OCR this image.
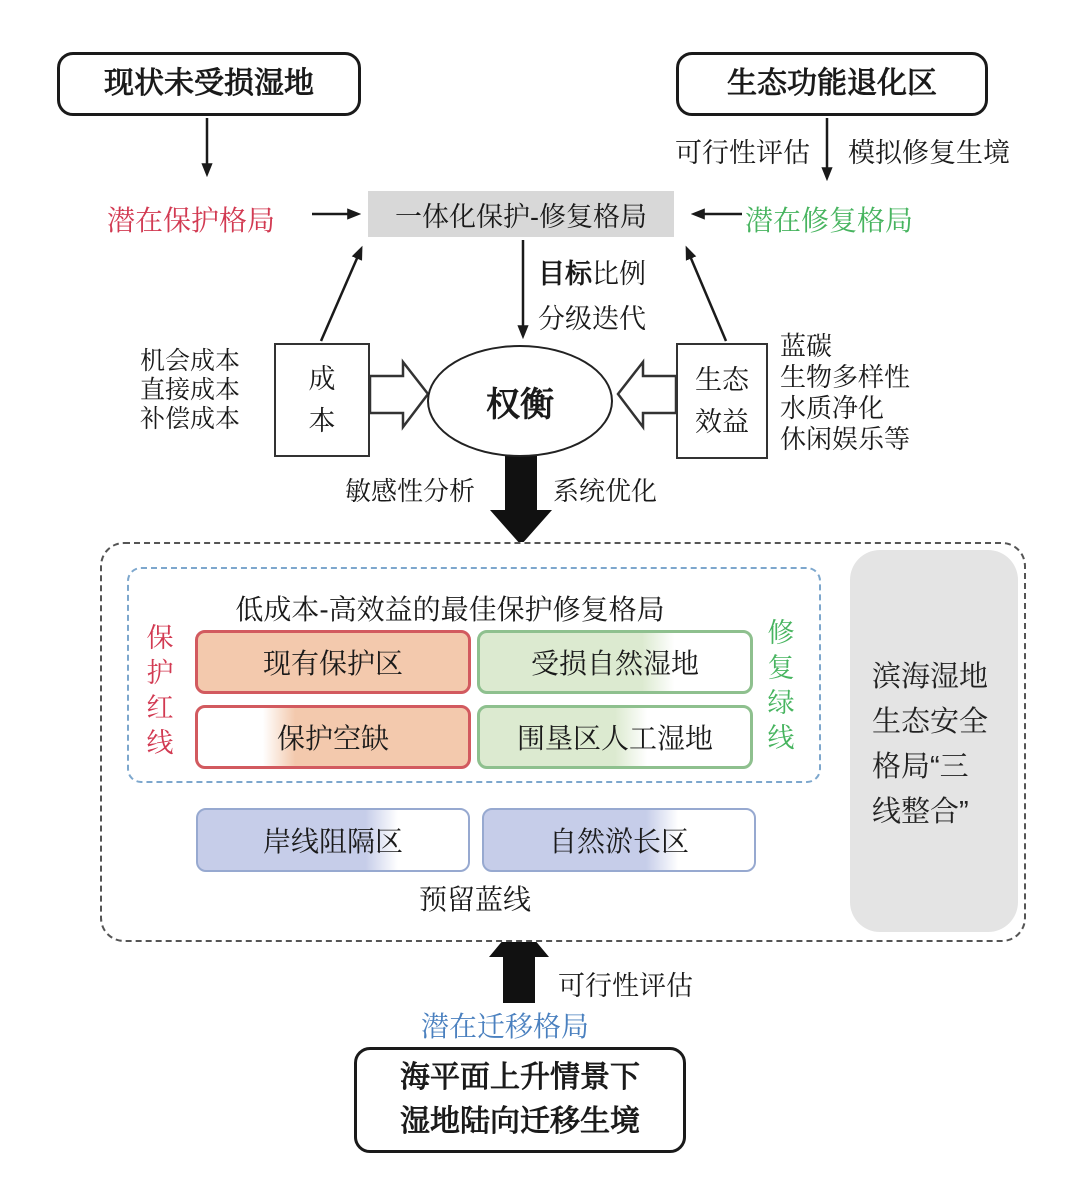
现状未受损湿地	生态功能退化区
可行性评估 模拟修复生境
潜在保护格局	潜在修复格局
一体化保护-修复格局
目标比例
分级迭代
机会成本
直接成本
补偿成本
成本	权衡
生态效益
蓝碳
生物多样性
水质净化
休闲娱乐等
敏感性分析	系统优化
低成本-高效益的最佳保护修复格局
保护红线
修复绿线
现有保护区	受损自然湿地
保护空缺	围垦区人工湿地
岸线阻隔区	自然淤长区
预留蓝线
滨海湿地
生态安全
格局“三
线整合”
可行性评估
潜在迁移格局
海平面上升情景下
湿地陆向迁移生境
